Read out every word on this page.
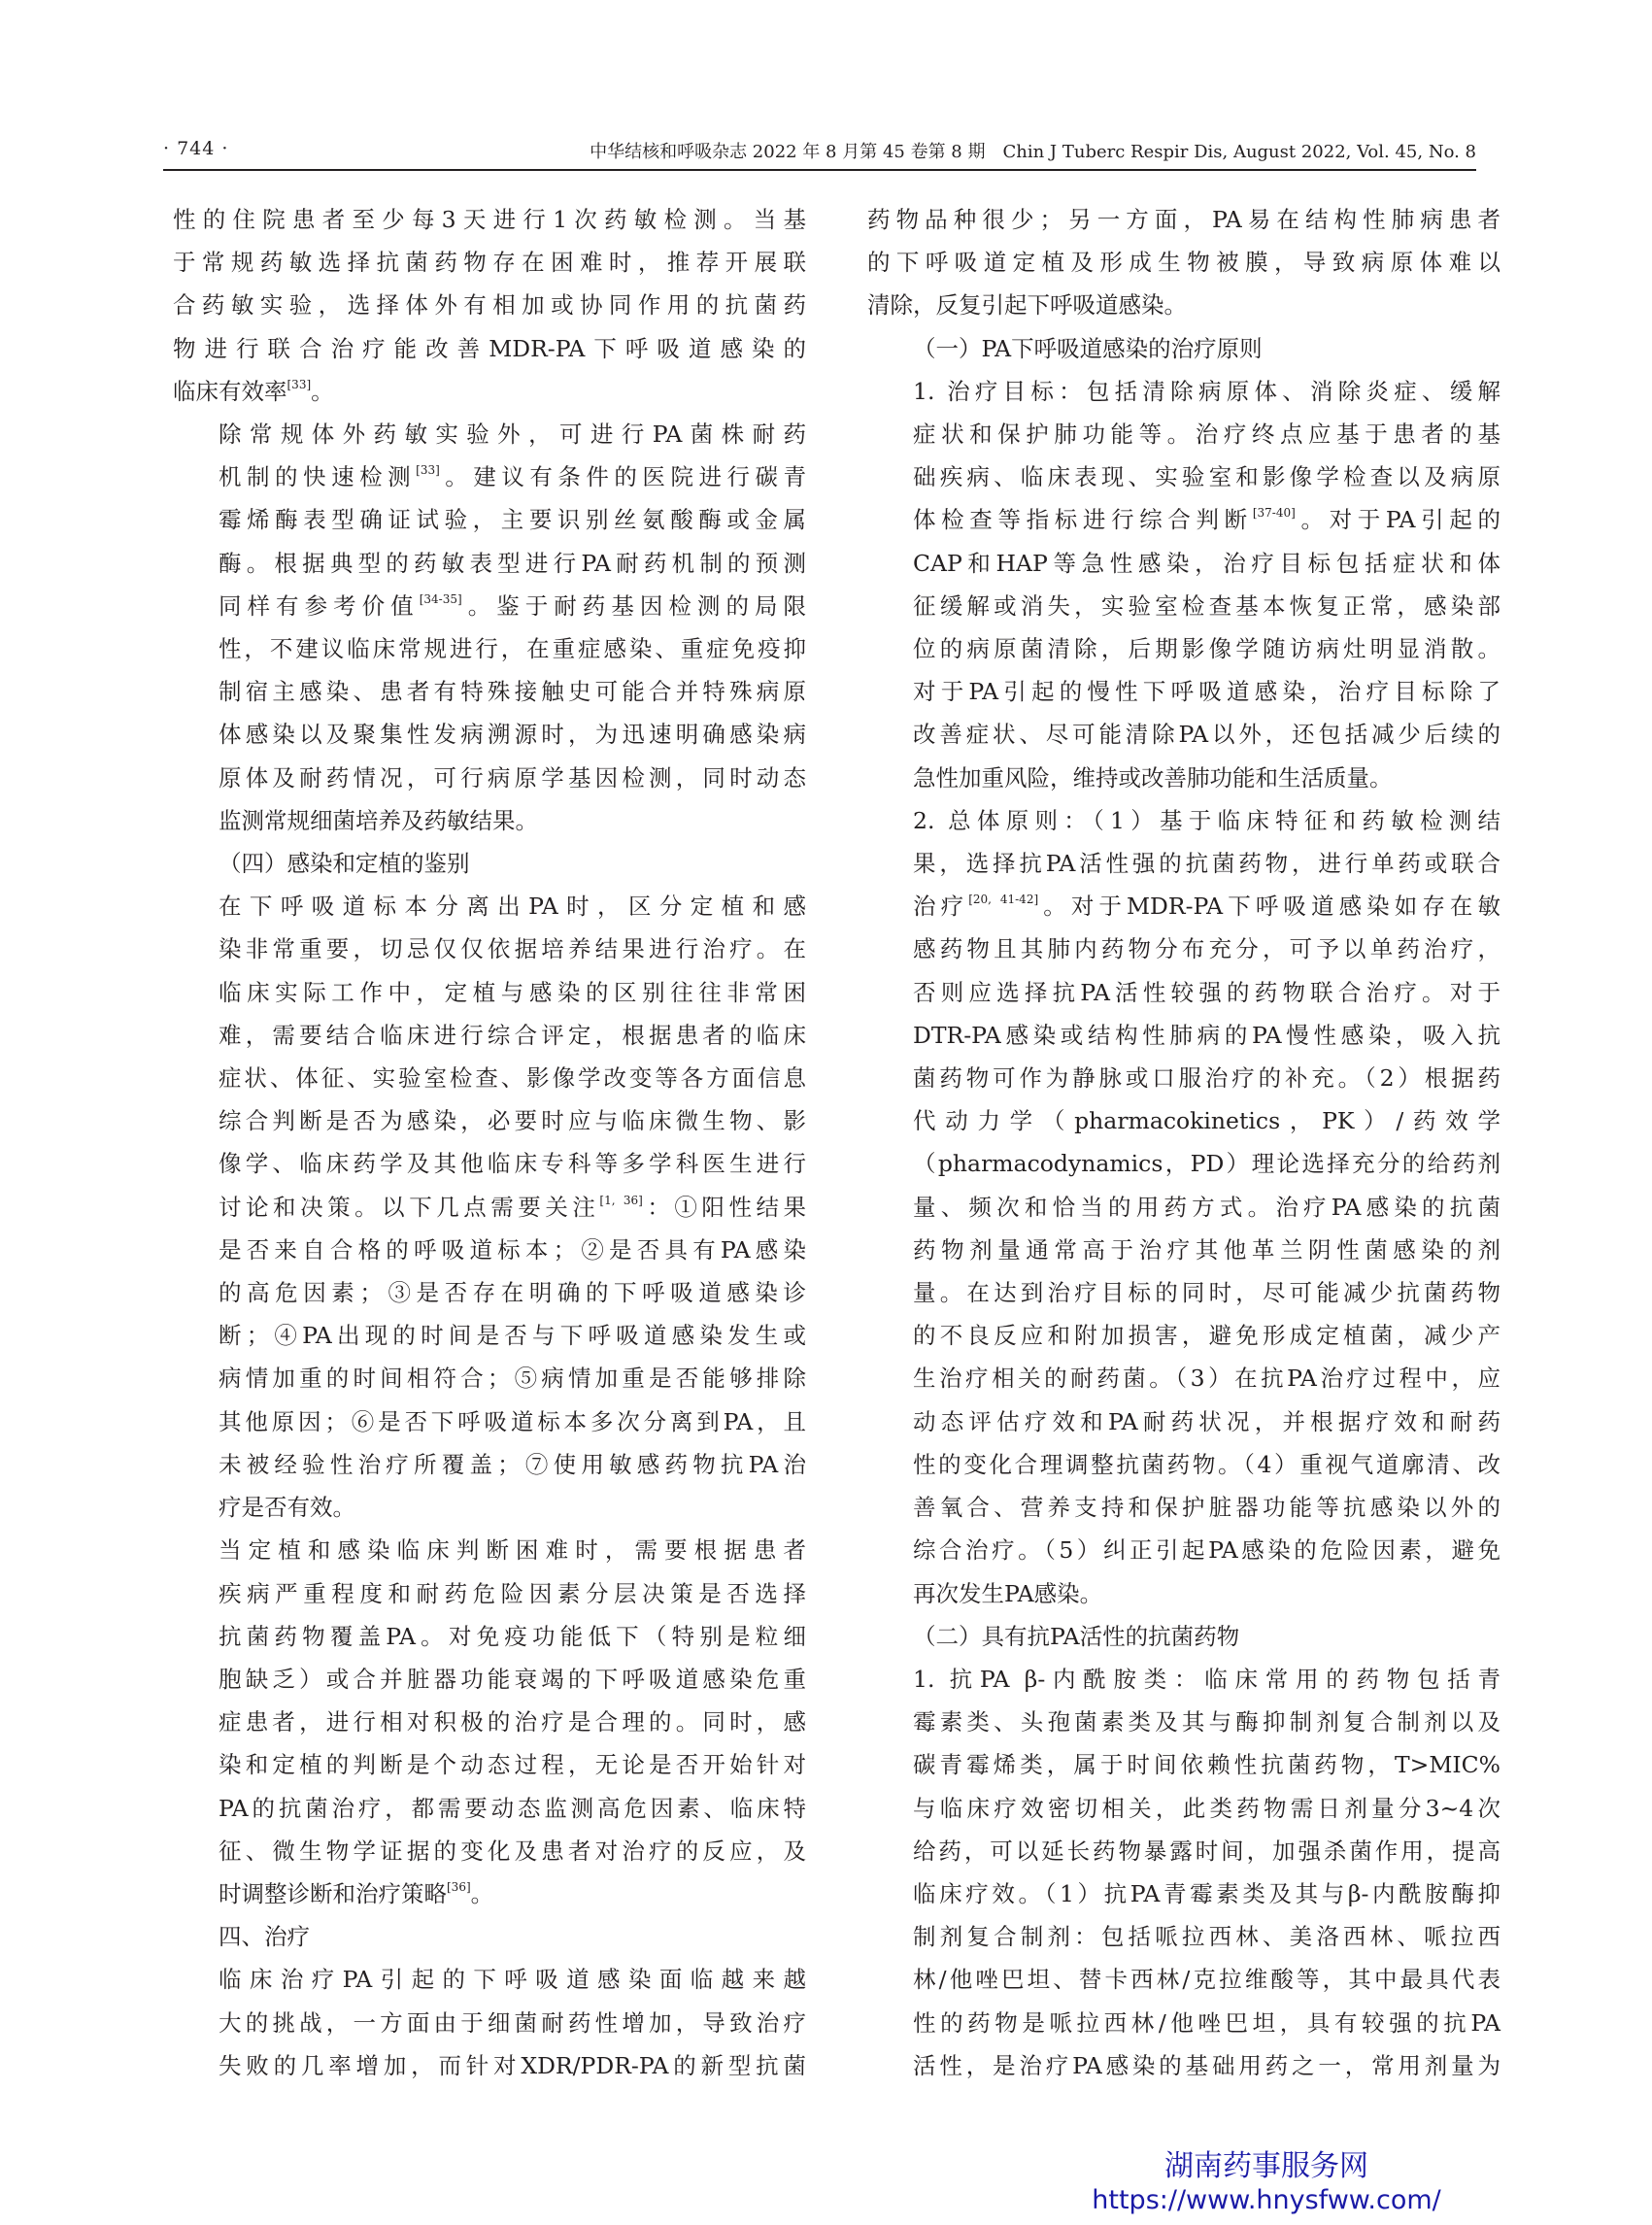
· 744 ·	中华结核和呼吸杂志 2022 年 8 月第 45 卷第 8 期　Chin J Tuberc Respir Dis, August 2022, Vol. 45, No. 8

性的住院患者至少每3天进行1次药敏检测。当基
于常规药敏选择抗菌药物存在困难时，推荐开展联
合药敏实验，选择体外有相加或协同作用的抗菌药
物进行联合治疗能改善MDR-PA下呼吸道感染的
临床有效率[33]。

除常规体外药敏实验外，可进行PA菌株耐药
机制的快速检测[33]。建议有条件的医院进行碳青
霉烯酶表型确证试验，主要识别丝氨酸酶或金属
酶。根据典型的药敏表型进行PA耐药机制的预测
同样有参考价值[34-35]。鉴于耐药基因检测的局限
性，不建议临床常规进行，在重症感染、重症免疫抑
制宿主感染、患者有特殊接触史可能合并特殊病原
体感染以及聚集性发病溯源时，为迅速明确感染病
原体及耐药情况，可行病原学基因检测，同时动态
监测常规细菌培养及药敏结果。

（四）感染和定植的鉴别

在下呼吸道标本分离出PA时，区分定植和感
染非常重要，切忌仅仅依据培养结果进行治疗。在
临床实际工作中，定植与感染的区别往往非常困
难，需要结合临床进行综合评定，根据患者的临床
症状、体征、实验室检查、影像学改变等各方面信息
综合判断是否为感染，必要时应与临床微生物、影
像学、临床药学及其他临床专科等多学科医生进行
讨论和决策。以下几点需要关注[1, 36]：①阳性结果
是否来自合格的呼吸道标本；②是否具有PA感染
的高危因素；③是否存在明确的下呼吸道感染诊
断；④PA出现的时间是否与下呼吸道感染发生或
病情加重的时间相符合；⑤病情加重是否能够排除
其他原因；⑥是否下呼吸道标本多次分离到PA，且
未被经验性治疗所覆盖；⑦使用敏感药物抗PA治
疗是否有效。

当定植和感染临床判断困难时，需要根据患者
疾病严重程度和耐药危险因素分层决策是否选择
抗菌药物覆盖PA。对免疫功能低下（特别是粒细
胞缺乏）或合并脏器功能衰竭的下呼吸道感染危重
症患者，进行相对积极的治疗是合理的。同时，感
染和定植的判断是个动态过程，无论是否开始针对
PA的抗菌治疗，都需要动态监测高危因素、临床特
征、微生物学证据的变化及患者对治疗的反应，及
时调整诊断和治疗策略[36]。

四、治疗

临床治疗PA引起的下呼吸道感染面临越来越
大的挑战，一方面由于细菌耐药性增加，导致治疗
失败的几率增加，而针对XDR/PDR-PA的新型抗菌

药物品种很少；另一方面，PA易在结构性肺病患者
的下呼吸道定植及形成生物被膜，导致病原体难以
清除，反复引起下呼吸道感染。

（一）PA下呼吸道感染的治疗原则

1. 治疗目标：包括清除病原体、消除炎症、缓解
症状和保护肺功能等。治疗终点应基于患者的基
础疾病、临床表现、实验室和影像学检查以及病原
体检查等指标进行综合判断[37-40]。对于PA引起的
CAP和HAP等急性感染，治疗目标包括症状和体
征缓解或消失，实验室检查基本恢复正常，感染部
位的病原菌清除，后期影像学随访病灶明显消散。
对于PA引起的慢性下呼吸道感染，治疗目标除了
改善症状、尽可能清除PA以外，还包括减少后续的
急性加重风险，维持或改善肺功能和生活质量。

2. 总体原则：（1）基于临床特征和药敏检测结
果，选择抗PA活性强的抗菌药物，进行单药或联合
治疗[20, 41-42]。对于MDR-PA下呼吸道感染如存在敏
感药物且其肺内药物分布充分，可予以单药治疗，
否则应选择抗PA活性较强的药物联合治疗。对于
DTR-PA感染或结构性肺病的PA慢性感染，吸入抗
菌药物可作为静脉或口服治疗的补充。（2）根据药
代动力学（pharmacokinetics，PK）/药效学
（pharmacodynamics，PD）理论选择充分的给药剂
量、频次和恰当的用药方式。治疗PA感染的抗菌
药物剂量通常高于治疗其他革兰阴性菌感染的剂
量。在达到治疗目标的同时，尽可能减少抗菌药物
的不良反应和附加损害，避免形成定植菌，减少产
生治疗相关的耐药菌。（3）在抗PA治疗过程中，应
动态评估疗效和PA耐药状况，并根据疗效和耐药
性的变化合理调整抗菌药物。（4）重视气道廓清、改
善氧合、营养支持和保护脏器功能等抗感染以外的
综合治疗。（5）纠正引起PA感染的危险因素，避免
再次发生PA感染。

（二）具有抗PA活性的抗菌药物

1. 抗PA β-内酰胺类：临床常用的药物包括青
霉素类、头孢菌素类及其与酶抑制剂复合制剂以及
碳青霉烯类，属于时间依赖性抗菌药物，T>MIC%
与临床疗效密切相关，此类药物需日剂量分3~4次
给药，可以延长药物暴露时间，加强杀菌作用，提高
临床疗效。（1）抗PA青霉素类及其与β-内酰胺酶抑
制剂复合制剂：包括哌拉西林、美洛西林、哌拉西
林/他唑巴坦、替卡西林/克拉维酸等，其中最具代表
性的药物是哌拉西林/他唑巴坦，具有较强的抗PA
活性，是治疗PA感染的基础用药之一，常用剂量为

湖南药事服务网
https://www.hnysfww.com/
